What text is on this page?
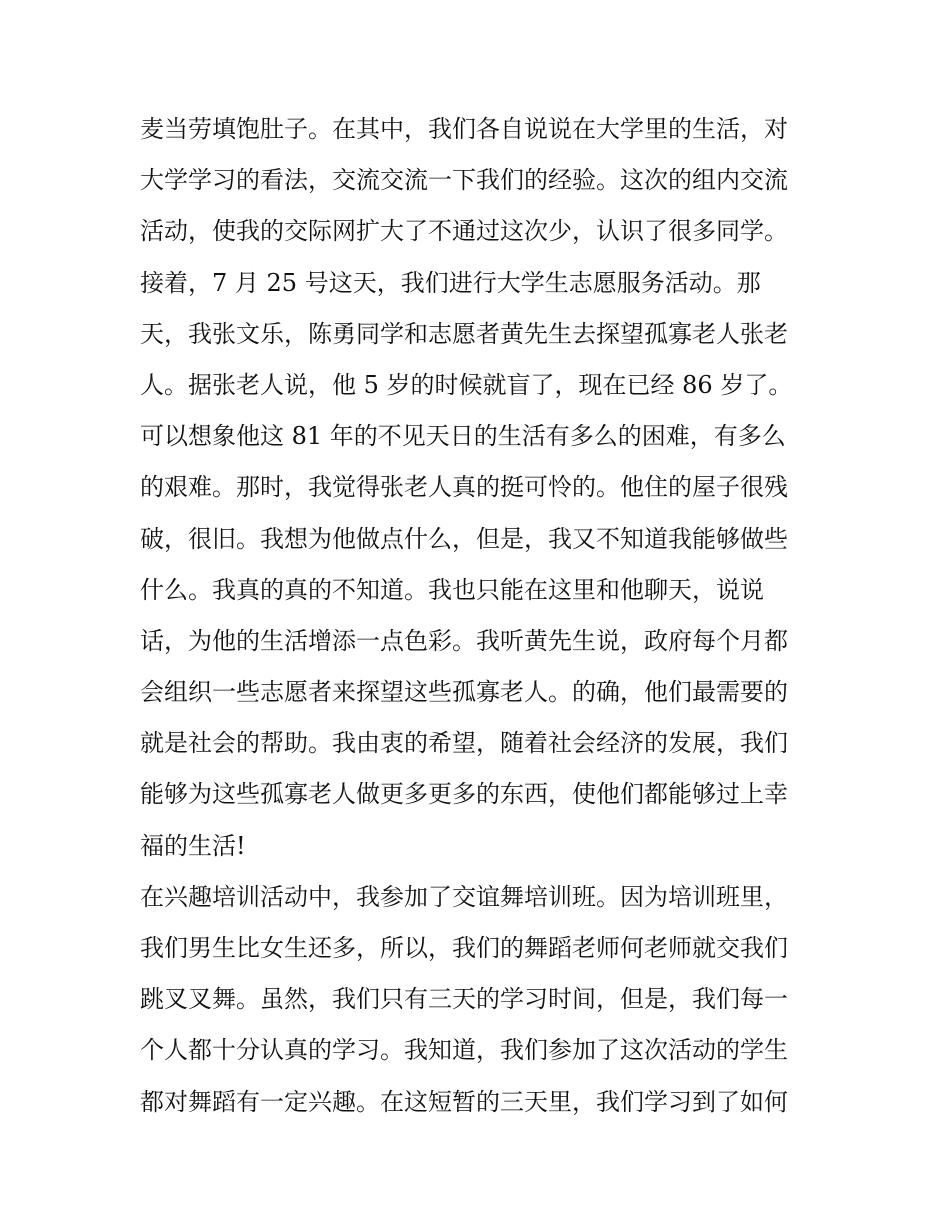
麦当劳填饱肚子。在其中，我们各自说说在大学里的生活，对
大学学习的看法，交流交流一下我们的经验。这次的组内交流
活动，使我的交际网扩大了不通过这次少，认识了很多同学。
接着，7 月 25 号这天，我们进行大学生志愿服务活动。那
天，我张文乐，陈勇同学和志愿者黄先生去探望孤寡老人张老
人。据张老人说，他 5 岁的时候就盲了，现在已经 86 岁了。
可以想象他这 81 年的不见天日的生活有多么的困难，有多么
的艰难。那时，我觉得张老人真的挺可怜的。他住的屋子很残
破，很旧。我想为他做点什么，但是，我又不知道我能够做些
什么。我真的真的不知道。我也只能在这里和他聊天，说说
话，为他的生活增添一点色彩。我听黄先生说，政府每个月都
会组织一些志愿者来探望这些孤寡老人。的确，他们最需要的
就是社会的帮助。我由衷的希望，随着社会经济的发展，我们
能够为这些孤寡老人做更多更多的东西，使他们都能够过上幸
福的生活!
在兴趣培训活动中，我参加了交谊舞培训班。因为培训班里，
我们男生比女生还多，所以，我们的舞蹈老师何老师就交我们
跳叉叉舞。虽然，我们只有三天的学习时间，但是，我们每一
个人都十分认真的学习。我知道，我们参加了这次活动的学生
都对舞蹈有一定兴趣。在这短暂的三天里，我们学习到了如何
